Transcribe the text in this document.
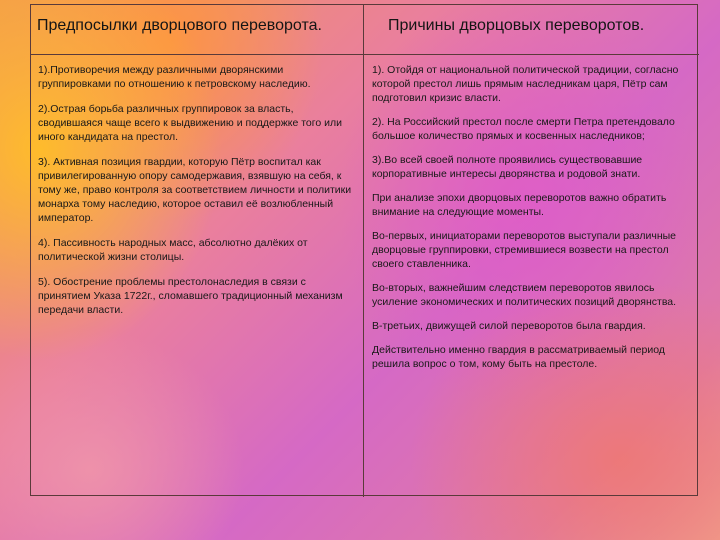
Предпосылки дворцового переворота.	Причины дворцовых переворотов.

1).Противоречия между различными дворянскими группировками по отношению к петровскому наследию.

2).Острая борьба различных группировок за власть, сводившаяся чаще всего к выдвижению и поддержке того или иного кандидата на престол.

3). Активная позиция гвардии, которую Пётр воспитал как привилегированную опору самодержавия, взявшую на себя, к тому же, право контроля за соответствием личности и политики монарха тому наследию, которое оставил её возлюбленный император.

4). Пассивность народных масс, абсолютно далёких от политической жизни столицы.

5). Обострение проблемы престолонаследия в связи с принятием Указа 1722г., сломавшего традиционный механизм передачи власти.

1). Отойдя от национальной политической традиции, согласно которой престол лишь прямым наследникам царя, Пётр сам подготовил кризис власти.

2). На Российский престол после смерти Петра претендовало большое количество прямых и косвенных наследников;

3).Во всей своей полноте проявились существовавшие корпоративные интересы дворянства и родовой знати.

При анализе эпохи дворцовых переворотов важно обратить внимание на следующие моменты.

Во-первых, инициаторами переворотов выступали различные дворцовые группировки, стремившиеся возвести на престол своего ставленника.

Во-вторых, важнейшим следствием переворотов явилось усиление экономических и политических позиций дворянства.

В-третьих, движущей силой переворотов была гвардия.

Действительно именно гвардия в рассматриваемый период решила вопрос о том, кому быть на престоле.
